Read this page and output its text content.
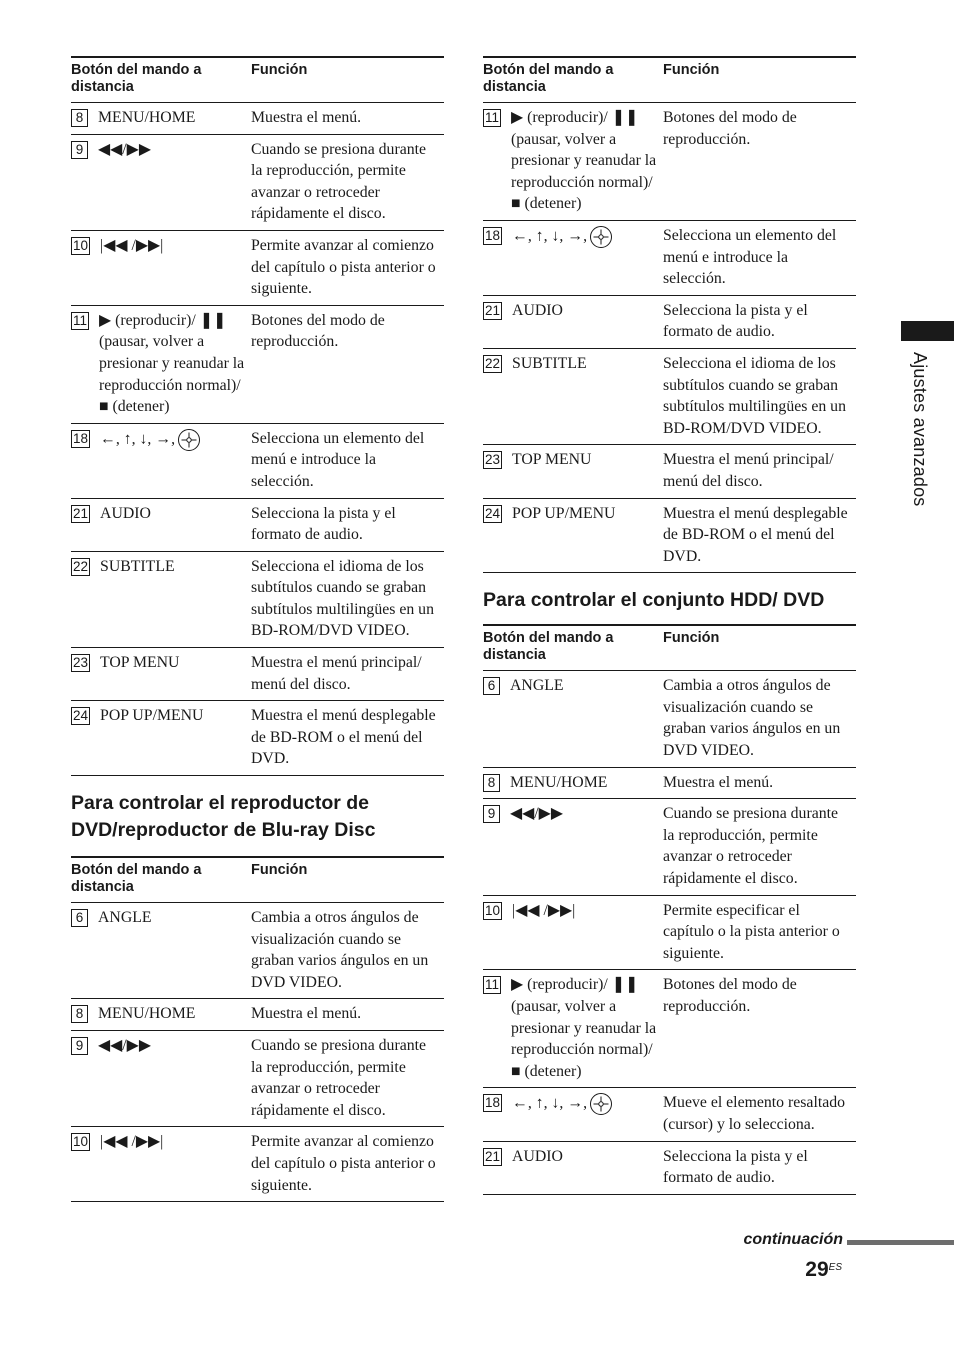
Botón del mando a distancia	Función

8 MENU/HOME	Muestra el menú.

9 ◀◀/▶▶	Cuando se presiona durante la reproducción, permite avanzar o retroceder rápidamente el disco.

10 |◀◀ /▶▶|	Permite avanzar al comienzo del capítulo o pista anterior o siguiente.

11 ▶ (reproducir)/ ❚❚ (pausar, volver a presionar y reanudar la reproducción normal)/■ (detener)	Botones del modo de reproducción.

18 ←, ↑, ↓, →,	Selecciona un elemento del menú e introduce la selección.

21 AUDIO	Selecciona la pista y el formato de audio.

22 SUBTITLE	Selecciona el idioma de los subtítulos cuando se graban subtítulos multilingües en un BD-ROM/DVD VIDEO.

23 TOP MENU	Muestra el menú principal/ menú del disco.

24 POP UP/MENU	Muestra el menú desplegable de BD-ROM o el menú del DVD.
Para controlar el reproductor de DVD/reproductor de Blu-ray Disc
Botón del mando a distancia	Función

6 ANGLE	Cambia a otros ángulos de visualización cuando se graban varios ángulos en un DVD VIDEO.

8 MENU/HOME	Muestra el menú.

9 ◀◀/▶▶	Cuando se presiona durante la reproducción, permite avanzar o retroceder rápidamente el disco.

10 |◀◀ /▶▶|	Permite avanzar al comienzo del capítulo o pista anterior o siguiente.
Botón del mando a distancia	Función

11 ▶ (reproducir)/ ❚❚ (pausar, volver a presionar y reanudar la reproducción normal)/■ (detener)	Botones del modo de reproducción.

18 ←, ↑, ↓, →,	Selecciona un elemento del menú e introduce la selección.

21 AUDIO	Selecciona la pista y el formato de audio.

22 SUBTITLE	Selecciona el idioma de los subtítulos cuando se graban subtítulos multilingües en un BD-ROM/DVD VIDEO.

23 TOP MENU	Muestra el menú principal/ menú del disco.

24 POP UP/MENU	Muestra el menú desplegable de BD-ROM o el menú del DVD.
Para controlar el conjunto HDD/ DVD
Botón del mando a distancia	Función

6 ANGLE	Cambia a otros ángulos de visualización cuando se graban varios ángulos en un DVD VIDEO.

8 MENU/HOME	Muestra el menú.

9 ◀◀/▶▶	Cuando se presiona durante la reproducción, permite avanzar o retroceder rápidamente el disco.

10 |◀◀ /▶▶|	Permite especificar el capítulo o la pista anterior o siguiente.

11 ▶ (reproducir)/ ❚❚ (pausar, volver a presionar y reanudar la reproducción normal)/■ (detener)	Botones del modo de reproducción.

18 ←, ↑, ↓, →,	Mueve el elemento resaltado (cursor) y lo selecciona.

21 AUDIO	Selecciona la pista y el formato de audio.
Ajustes avanzados
continuación
$29^{ES}$
